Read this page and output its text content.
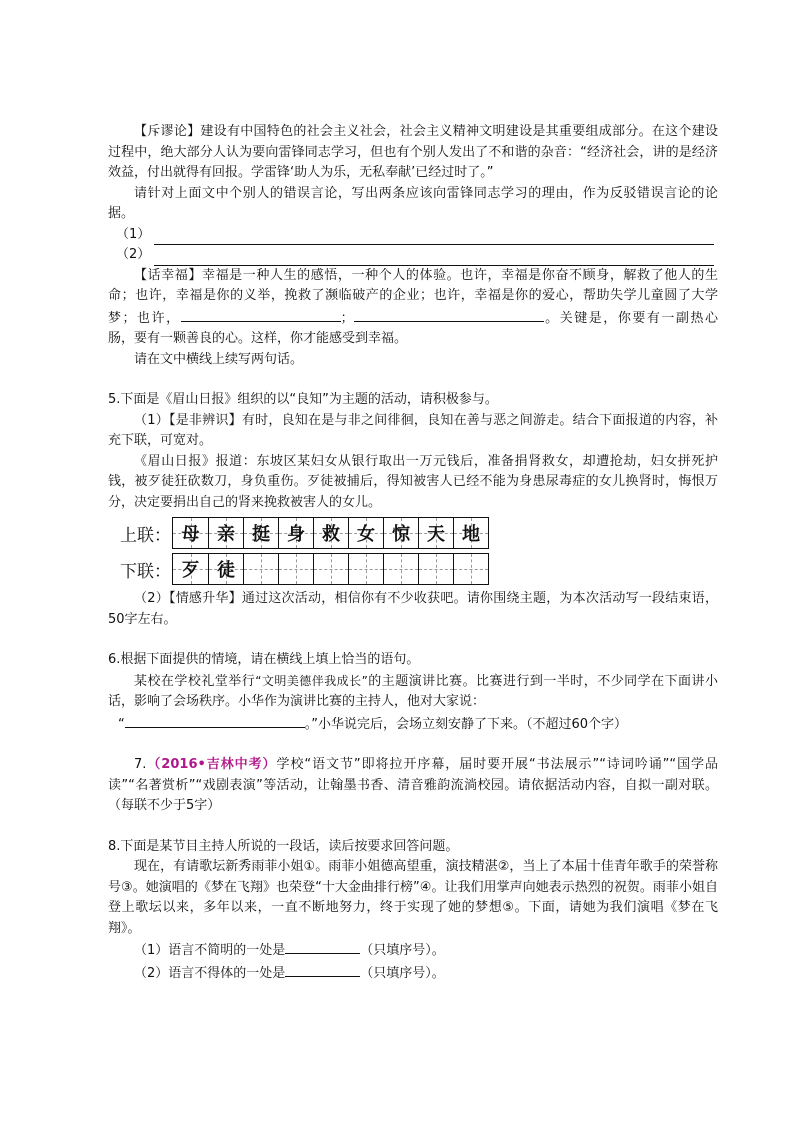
【斥谬论】建设有中国特色的社会主义社会，社会主义精神文明建设是其重要组成部分。在这个建设过程中，绝大部分人认为要向雷锋同志学习，但也有个别人发出了不和谐的杂音：“经济社会，讲的是经济效益，付出就得有回报。学雷锋‘助人为乐，无私奉献’已经过时了。”

请针对上面文中个别人的错误言论，写出两条应该向雷锋同志学习的理由，作为反驳错误言论的论据。

（1）
（2）

【话幸福】幸福是一种人生的感悟，一种个人的体验。也许，幸福是你奋不顾身，解救了他人的生命；也许，幸福是你的义举，挽救了濒临破产的企业；也许，幸福是你的爱心，帮助失学儿童圆了大学梦；也许，	；	。关键是，你要有一副热心肠，要有一颗善良的心。这样，你才能感受到幸福。

请在文中横线上续写两句话。

5.下面是《眉山日报》组织的以“良知”为主题的活动，请积极参与。

（1）【是非辨识】有时，良知在是与非之间徘徊，良知在善与恶之间游走。结合下面报道的内容，补充下联，可宽对。

《眉山日报》报道：东坡区某妇女从银行取出一万元钱后，准备捐肾救女，却遭抢劫，妇女拼死护钱，被歹徒狂砍数刀，身负重伤。歹徒被捕后，得知被害人已经不能为身患尿毒症的女儿换肾时，悔恨万分，决定要捐出自己的肾来挽救被害人的女儿。

上联： 母 亲 挺 身 救 女 惊 天 地
下联： 歹 徒

（2）【情感升华】通过这次活动，相信你有不少收获吧。请你围绕主题，为本次活动写一段结束语，50字左右。

6.根据下面提供的情境，请在横线上填上恰当的语句。

某校在学校礼堂举行“文明美德伴我成长”的主题演讲比赛。比赛进行到一半时，不少同学在下面讲小话，影响了会场秩序。小华作为演讲比赛的主持人，他对大家说：

“	。”小华说完后，会场立刻安静了下来。（不超过60个字）

7.（2016•吉林中考）学校“语文节”即将拉开序幕，届时要开展“书法展示”“诗词吟诵”“国学品读”“名著赏析”“戏剧表演”等活动，让翰墨书香、清音雅韵流淌校园。请依据活动内容，自拟一副对联。（每联不少于5字）

8.下面是某节目主持人所说的一段话，读后按要求回答问题。

现在，有请歌坛新秀雨菲小姐①。雨菲小姐德高望重，演技精湛②，当上了本届十佳青年歌手的荣誉称号③。她演唱的《梦在飞翔》也荣登“十大金曲排行榜”④。让我们用掌声向她表示热烈的祝贺。雨菲小姐自登上歌坛以来，多年以来，一直不断地努力，终于实现了她的梦想⑤。下面，请她为我们演唱《梦在飞翔》。

（1）语言不简明的一处是	（只填序号）。

（2）语言不得体的一处是	（只填序号）。
